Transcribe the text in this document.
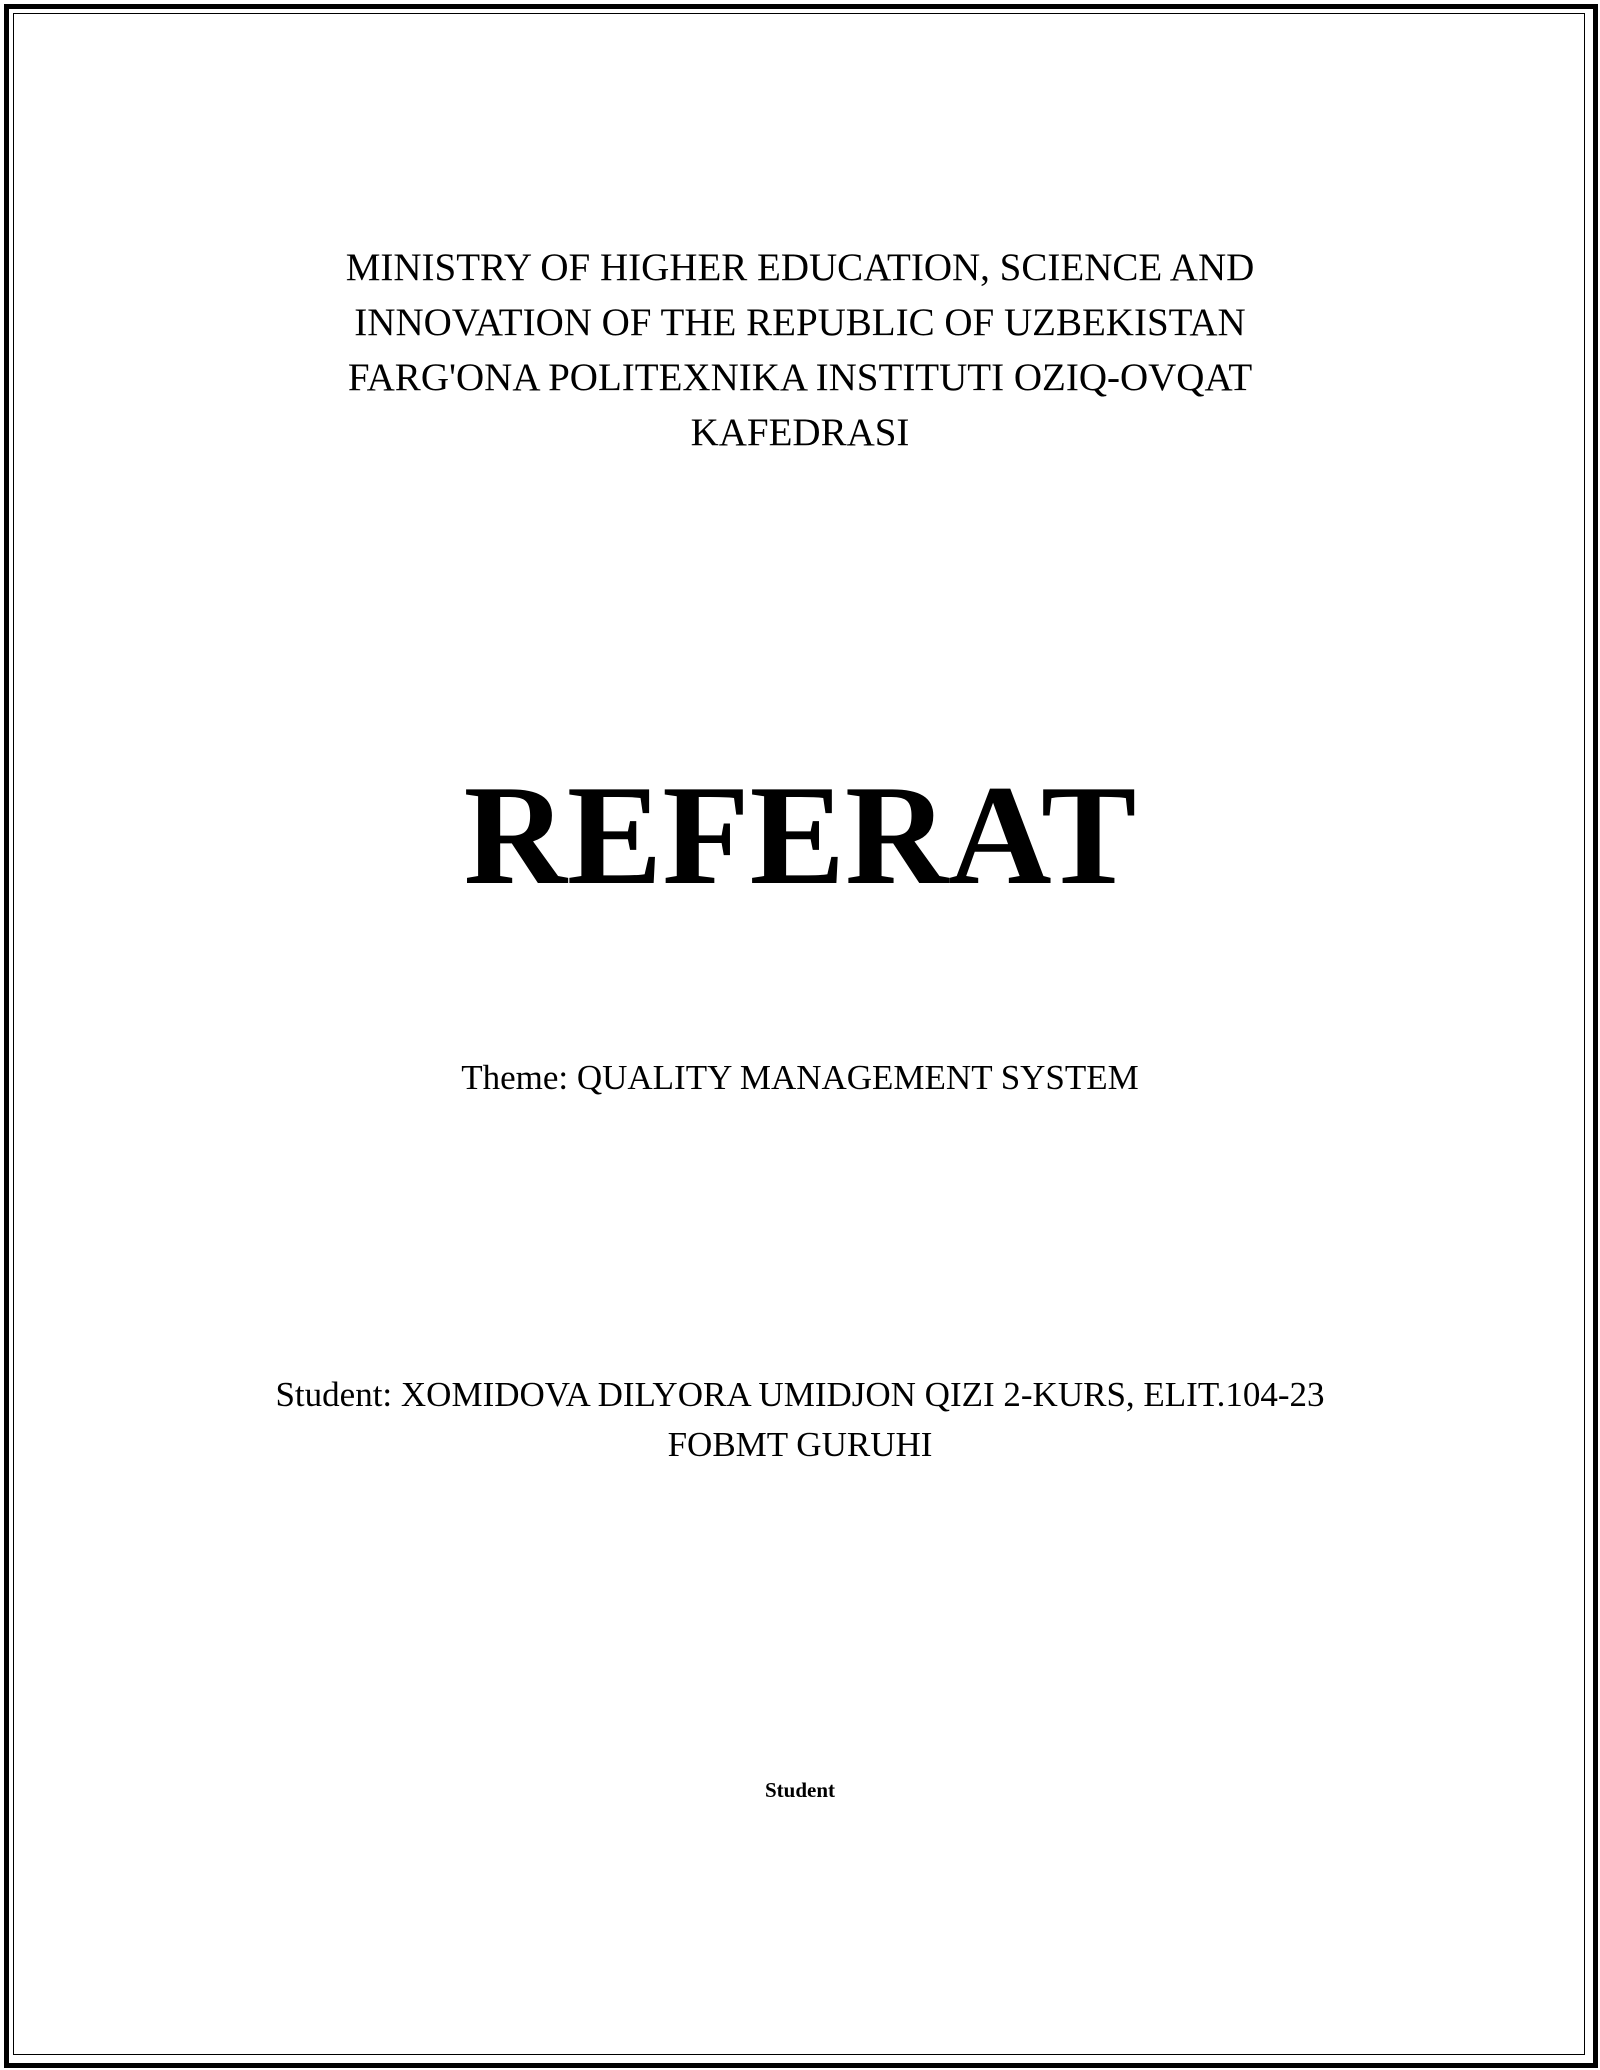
MINISTRY OF HIGHER EDUCATION, SCIENCE AND
INNOVATION OF THE REPUBLIC OF UZBEKISTAN
FARG'ONA POLITEXNIKA INSTITUTI OZIQ-OVQAT
KAFEDRASI
REFERAT
Theme: QUALITY MANAGEMENT SYSTEM
Student: XOMIDOVA DILYORA UMIDJON QIZI 2-KURS, ELIT.104-23
FOBMT GURUHI
Student
